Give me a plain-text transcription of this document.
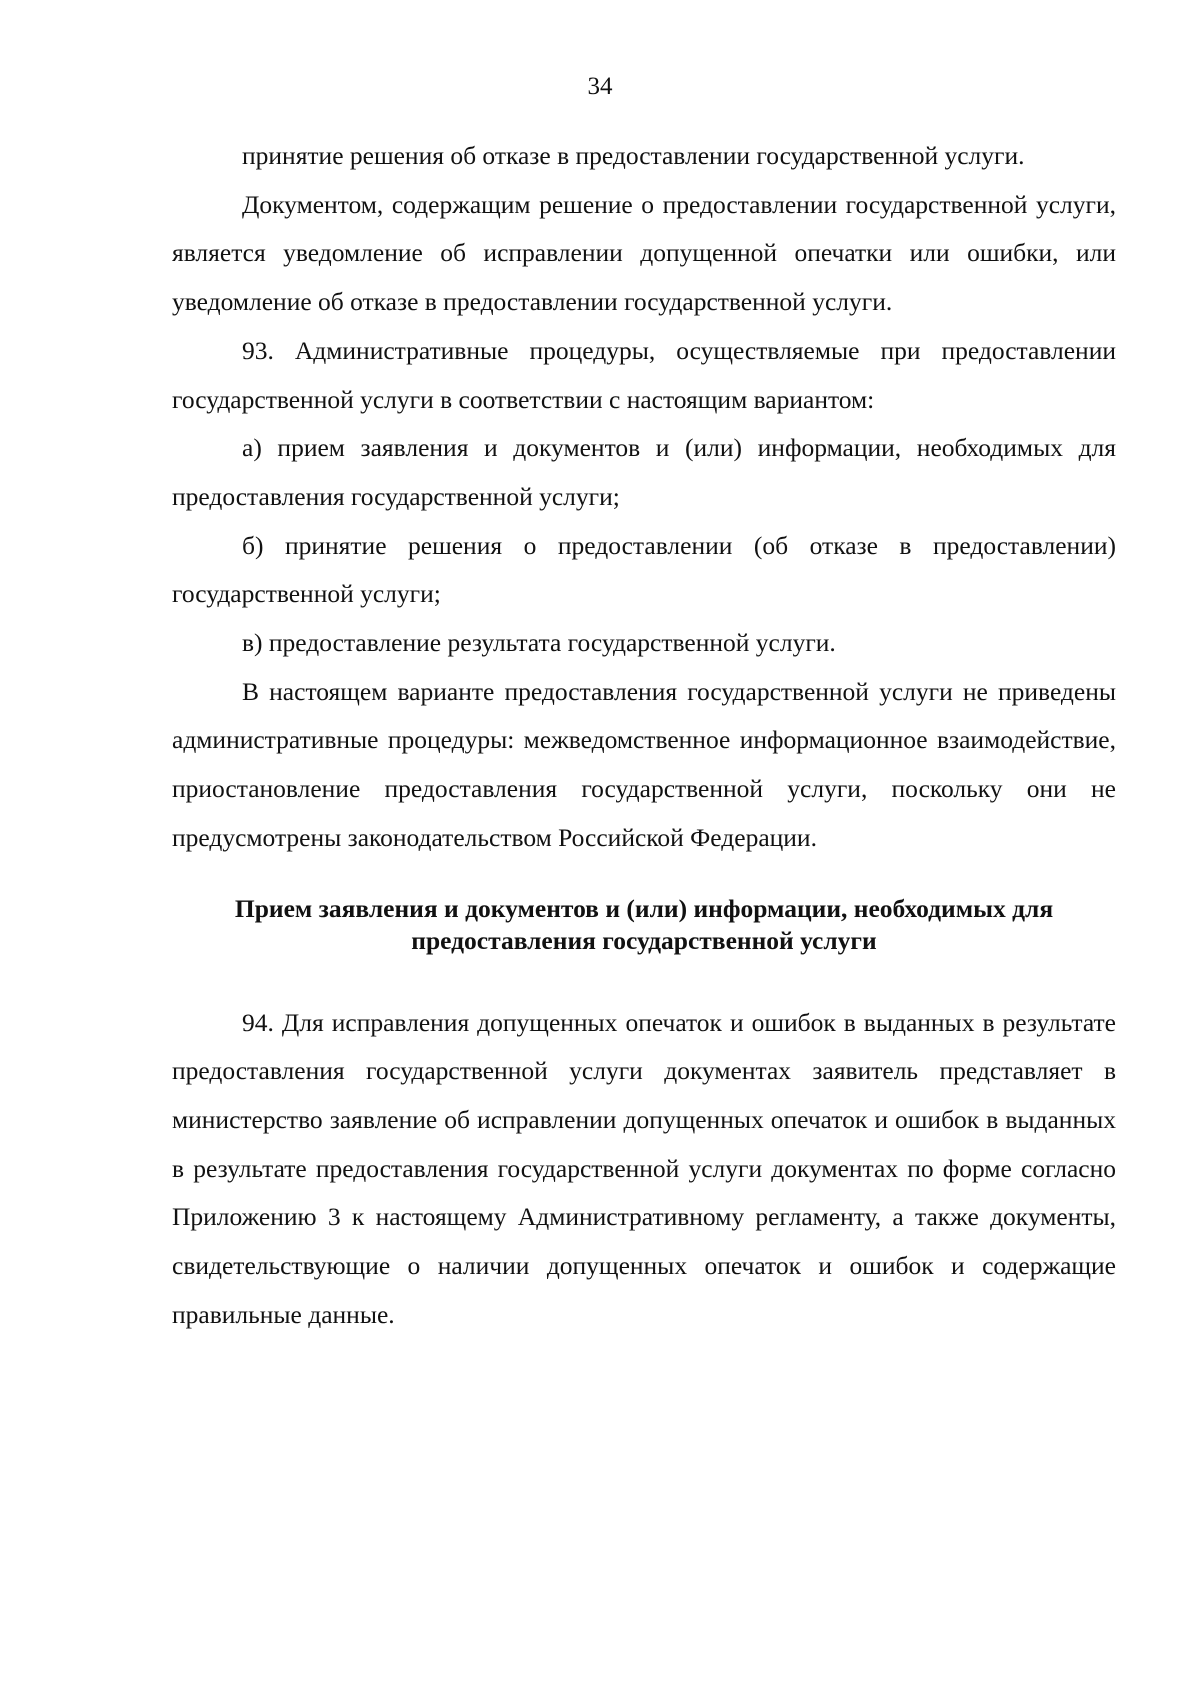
34

принятие решения об отказе в предоставлении государственной услуги.

Документом, содержащим решение о предоставлении государственной услуги, является уведомление об исправлении допущенной опечатки или ошибки, или уведомление об отказе в предоставлении государственной услуги.

93. Административные процедуры, осуществляемые при предоставлении государственной услуги в соответствии с настоящим вариантом:

а) прием заявления и документов и (или) информации, необходимых для предоставления государственной услуги;

б) принятие решения о предоставлении (об отказе в предоставлении) государственной услуги;

в) предоставление результата государственной услуги.

В настоящем варианте предоставления государственной услуги не приведены административные процедуры: межведомственное информационное взаимодействие, приостановление предоставления государственной услуги, поскольку они не предусмотрены законодательством Российской Федерации.

Прием заявления и документов и (или) информации, необходимых для
предоставления государственной услуги

94. Для исправления допущенных опечаток и ошибок в выданных в результате предоставления государственной услуги документах заявитель представляет в министерство заявление об исправлении допущенных опечаток и ошибок в выданных в результате предоставления государственной услуги документах по форме согласно Приложению 3 к настоящему Административному регламенту, а также документы, свидетельствующие о наличии допущенных опечаток и ошибок и содержащие правильные данные.
